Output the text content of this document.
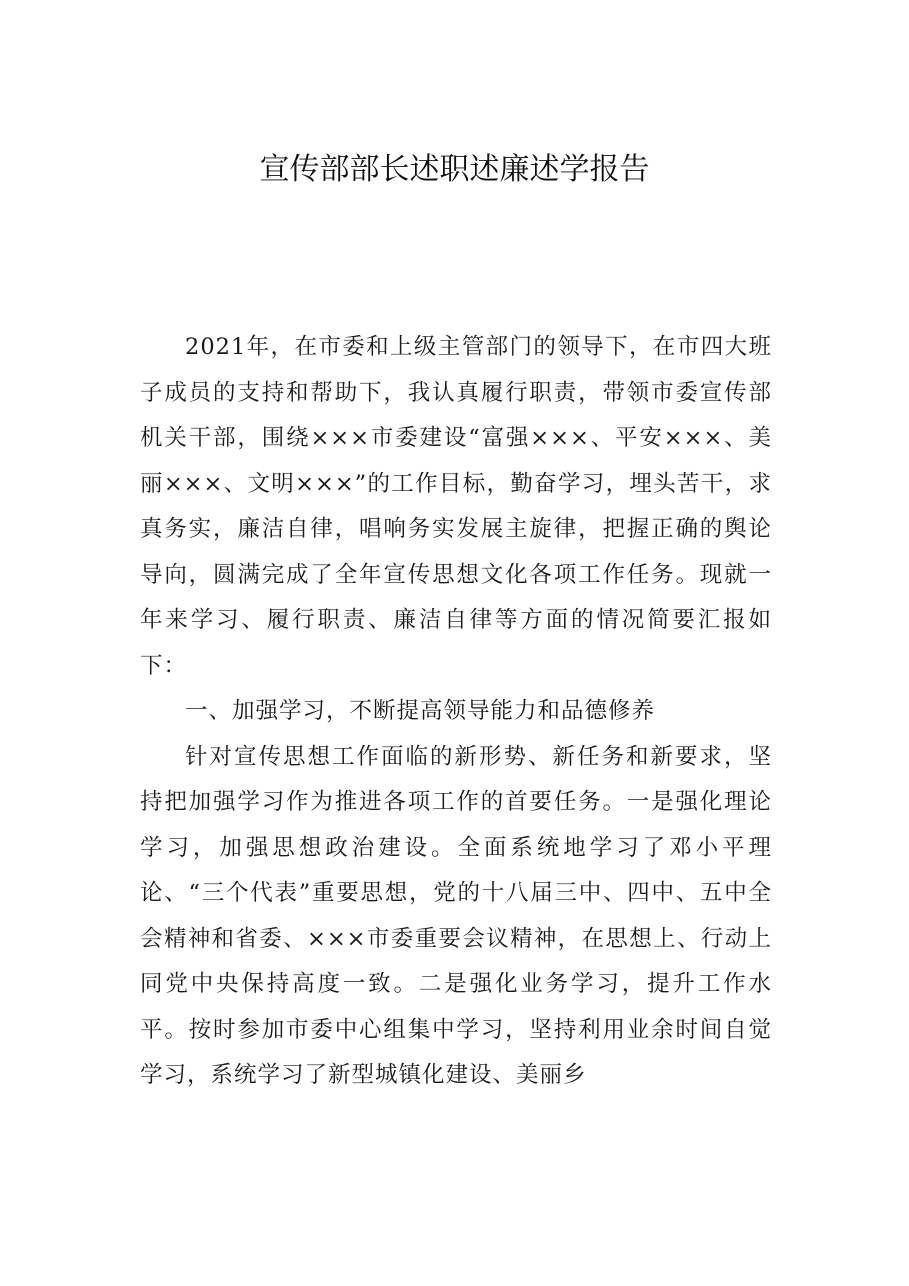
宣传部部长述职述廉述学报告

2021年，在市委和上级主管部门的领导下，在市四大班子成员的支持和帮助下，我认真履行职责，带领市委宣传部机关干部，围绕×××市委建设“富强×××、平安×××、美丽×××、文明×××”的工作目标，勤奋学习，埋头苦干，求真务实，廉洁自律，唱响务实发展主旋律，把握正确的舆论导向，圆满完成了全年宣传思想文化各项工作任务。现就一年来学习、履行职责、廉洁自律等方面的情况简要汇报如下：

一、加强学习，不断提高领导能力和品德修养

针对宣传思想工作面临的新形势、新任务和新要求，坚持把加强学习作为推进各项工作的首要任务。一是强化理论学习，加强思想政治建设。全面系统地学习了邓小平理论、“三个代表”重要思想，党的十八届三中、四中、五中全会精神和省委、×××市委重要会议精神，在思想上、行动上同党中央保持高度一致。二是强化业务学习，提升工作水平。按时参加市委中心组集中学习，坚持利用业余时间自觉学习，系统学习了新型城镇化建设、美丽乡
